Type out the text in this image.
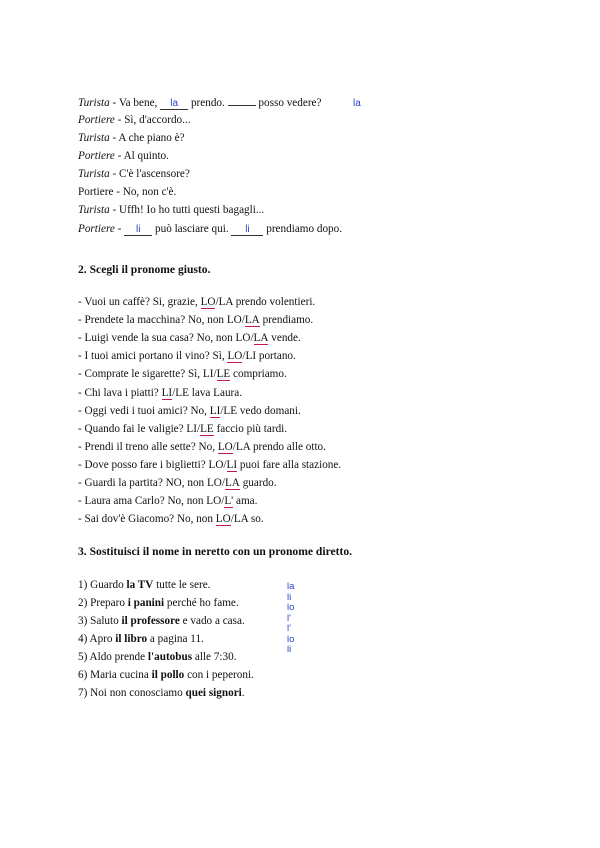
Turista - Va bene, la prendo.	posso vedere?	la
Portiere - Sì, d'accordo...
Turista - A che piano è?
Portiere - Al quinto.
Turista - C'è l'ascensore?
Portiere - No, non c'è.
Turista - Uffh! Io ho tutti questi bagagli...
Portiere - li può lasciare qui. li prendiamo dopo.
2. Scegli il pronome giusto.
- Vuoi un caffè? Si, grazie, LO/LA prendo volentieri.
- Prendete la macchina? No, non LO/LA prendiamo.
- Luigi vende la sua casa? No, non LO/LA vende.
- I tuoi amici portano il vino? Sì, LO/LI portano.
- Comprate le sigarette? Sì, LI/LE compriamo.
- Chi lava i piatti? LI/LE lava Laura.
- Oggi vedi i tuoi amici? No, LI/LE vedo domani.
- Quando fai le valigie? LI/LE faccio più tardi.
- Prendi il treno alle sette? No, LO/LA prendo alle otto.
- Dove posso fare i biglietti? LO/LI puoi fare alla stazione.
- Guardi la partita? NO, non LO/LA guardo.
- Laura ama Carlo? No, non LO/L' ama.
- Sai dov'è Giacomo? No, non LO/LA so.
3. Sostituisci il nome in neretto con un pronome diretto.
1) Guardo la TV tutte le sere.
2) Preparo i panini perché ho fame.
3) Saluto il professore e vado a casa.
4) Apro il libro a pagina 11.
5) Aldo prende l'autobus alle 7:30.
6) Maria cucina il pollo con i peperoni.
7) Noi non conosciamo quei signori.
la
li
lo
l'
l'
lo
li
